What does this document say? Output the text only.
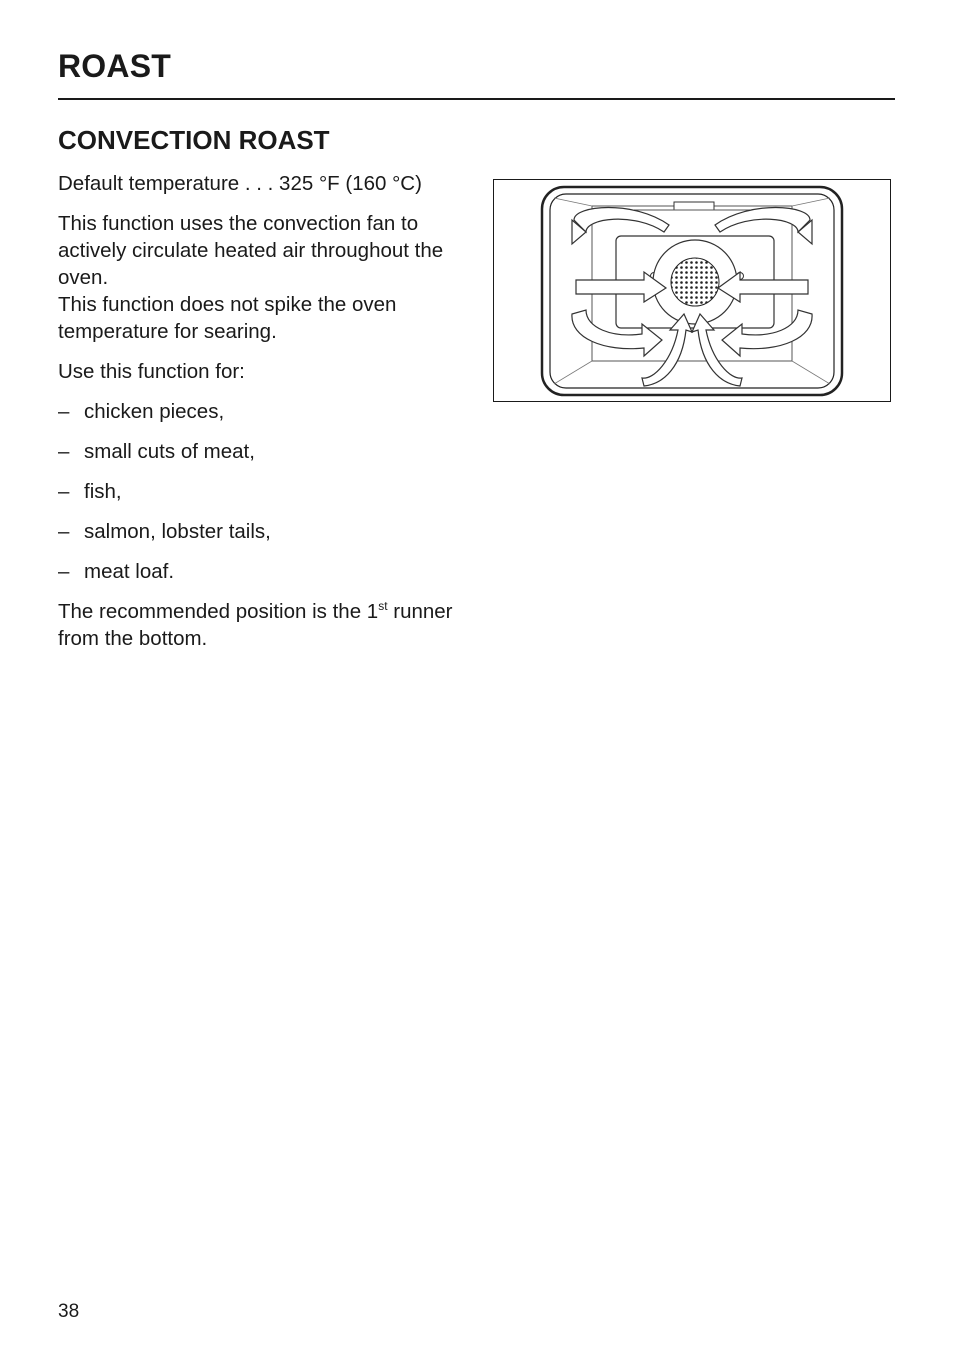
ROAST
CONVECTION ROAST

Default temperature . . . 325 °F (160 °C)

This function uses the convection fan to actively circulate heated air throughout the oven.

This function does not spike the oven temperature for searing.

Use this function for:

– chicken pieces,
– small cuts of meat,
– fish,
– salmon, lobster tails,
– meat loaf.

The recommended position is the 1st runner from the bottom.

38
